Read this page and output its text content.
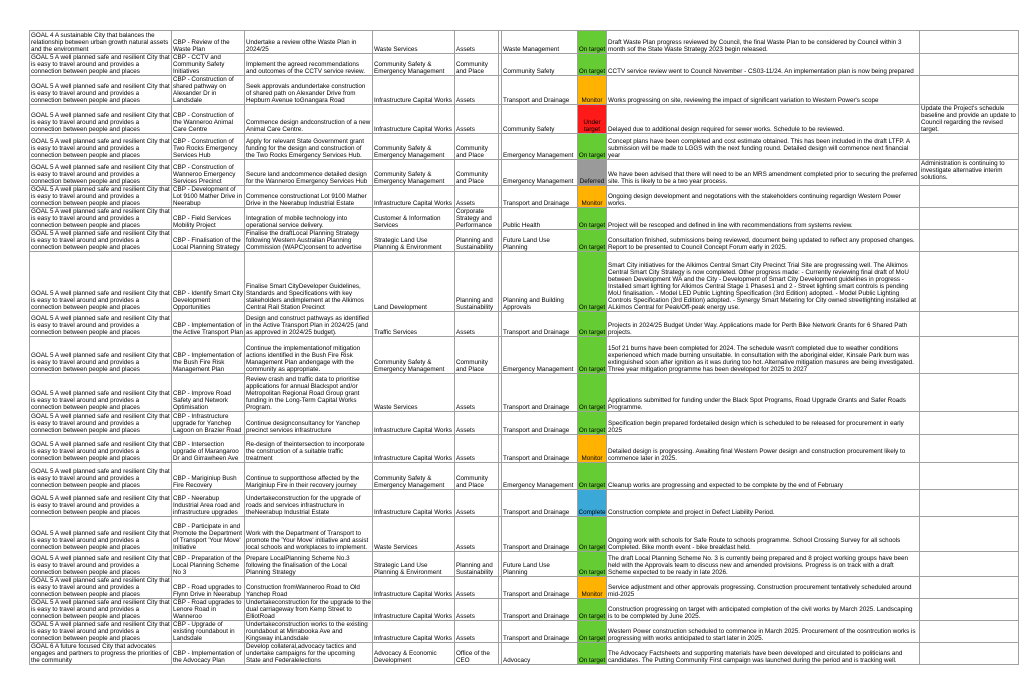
GOAL 4 A sustainable City that balances the relationship between urban growth natural assets and the environment	CBP - Review of the Waste Plan	Undertake a review ofthe Waste Plan in 2024/25	Waste Services	Assets		Waste Management	On target	Draft Waste Plan progress reviewed by Council, the final Waste Plan to be considered by Council within 3 month sof the State Waste Strategy 2023 begin released.	
GOAL 5 A well planned safe and resilient City that is easy to travel around and provides a connection between people and places	CBP - CCTV and Community Safety Initiatives	Implement the agreed recommendations and outcomes of the CCTV service review.	Community Safety & Emergency Management	Community and Place		Community Safety	On target	CCTV service review went to Council November - CS03-11/24. An implementation plan is now being prepared	
GOAL 5 A well planned safe and resilient City that is easy to travel around and provides a connection between people and places	CBP - Construction of shared pathway on Alexander Dr in Landsdale	Seek approvals andundertake construction of shared path on Alexander Drive from Hepburn Avenue toGnangara Road	Infrastructure Capital Works	Assets		Transport and Drainage	Monitor	Works progressing on site, reviewing the impact of significant variation to Western Power's scope	
GOAL 5 A well planned safe and resilient City that is easy to travel around and provides a connection between people and places	CBP - Construction of the Wanneroo Animal Care Centre	Commence design andconstruction of a new Animal Care Centre.	Infrastructure Capital Works	Assets		Community Safety	Under target	Delayed due to additional design required for sewer works. Schedule to be reviewed.	Update the Project's schedule baseline and provide an update to Council regarding the revised target.
GOAL 5 A well planned safe and resilient City that is easy to travel around and provides a connection between people and places	CBP - Construction of Two Rocks Emergency Services Hub	Apply for relevant State Government grant funding for the design and construction of the Two Rocks Emergency Services Hub.	Community Safety & Emergency Management	Community and Place		Emergency Management	On target	Concept plans have been completed and cost estimate obtained. This has been included in the draft LTFP. A submission will be made to LGGS with the next funding round. Detailed design will commence next financial year	
GOAL 5 A well planned safe and resilient City that is easy to travel around and provides a connection between people and places	CBP - Construction of Wanneroo Emergency Services Precinct	Secure land andcommence detailed design for the Wanneroo Emergency Services Hub	Community Safety & Emergency Management	Community and Place		Emergency Management	Deferred	We have been advised that there will need to be an MRS amendment completed prior to securing the preferred site. This is likely to be a two year process.	Administration is continuing to investigate alternative interim solutions.
GOAL 5 A well planned safe and resilient City that is easy to travel around and provides a connection between people and places	CBP - Development of Lot 9100 Mather Drive in Neerabup	Commence constructionat Lot 9100 Mather Drive in the Neerabup Industrial Estate	Infrastructure Capital Works	Assets		Transport and Drainage	Monitor	Ongoing design development and negotations with the stakeholders continuing regardign Western Power works.	
GOAL 5 A well planned safe and resilient City that is easy to travel around and provides a connection between people and places	CBP - Field Services Mobility Project	Integration of mobile technology into operational service delivery.	Customer & Information Services	Corporate Strategy and Performance		Public Health	On target	Project will be rescoped and defined in line with recommendations from systems review.	
GOAL 5 A well planned safe and resilient City that is easy to travel around and provides a connection between people and places	CBP - Finalisation of the Local Planning Strategy	Finalise the draftLocal Planning Strategy following Western Australian Planning Commission (WAPC)consent to advertise	Strategic Land Use Planning & Environment	Planning and Sustainability		Future Land Use Planning	On target	Consultation finished, submissions being reviewed, document being updated to reflect any proposed changes. Report to be presented to Council Concept Forum early in 2025.	
GOAL 5 A well planned safe and resilient City that is easy to travel around and provides a connection between people and places	CBP - Identify Smart City Development Opportunities	Finalise Smart CityDeveloper Guidelines, Standards and Specifications with key stakeholders andimplement at the Alkimos Central Rail Station Precinct	Land Development	Planning and Sustainability		Planning and Building Approvals	On target	Smart City initiatives for the Alkimos Central Smart City Precinct Trial Site are progressing well. The Alkimos Central Smart City Strategy is now completed. Other progress made: - Currently reviewing final draft of MoU between Development WA and the City - Development of Smart City Development guidelines in progress - Installed smart lighting for Alkimos Central Stage 1 Phases1 and 2 - Street lighting smart controls is pending MoU finalisation. - Model LED Public Lighting Specification (3rd Edition) adopted. - Model Public Lighting Controls Specification (3rd Edition) adopted. - Synergy Smart Metering for City owned streetlighting installed at ALkimos Central for Peak/Off-peak energy use.	
GOAL 5 A well planned safe and resilient City that is easy to travel around and provides a connection between people and places	CBP - Implementation of the Active Transport Plan	Design and construct pathways as identified in the Active Transport Plan in 2024/25 (and as approved in 2024/25 budget).	Traffic Services	Assets		Transport and Drainage	On target	Projects in 2024/25 Budget Under Way. Applications made for Perth Bike Network Grants for 6 Shared Path projects.	
GOAL 5 A well planned safe and resilient City that is easy to travel around and provides a connection between people and places	CBP - Implementation of the Bush Fire Risk Management Plan	Continue the implementationof mitigation actions identified in the Bush Fire Risk Management Plan andengage with the community as appropriate.	Community Safety & Emergency Management	Community and Place		Emergency Management	On target	15of 21 burns have been completed for 2024. The schedule wasn't completed due to weather conditions experienced which made burning unsuitable. In consultation with the aboriginal elder, Kinsale Park burn was extinguished soon after ignition as it was during too hot. Alternative mitigation masures are being investigated. Three year mitigation programme has been developed for 2025 to 2027	
GOAL 5 A well planned safe and resilient City that is easy to travel around and provides a connection between people and places	CBP - Improve Road Safety and Network Optimisation	Review crash and traffic data to prioritise applications for annual Blackspot and/or Metropolitan Regional Road Group grant funding in the Long-Term Capital Works Program.	Waste Services	Assets		Transport and Drainage	On target	Applications submitted for funding under the Black Spot Programs, Road Upgrade Grants and Safer Roads Programme.	
GOAL 5 A well planned safe and resilient City that is easy to travel around and provides a connection between people and places	CBP - Infrastructure upgrade for Yanchep Lagoon on Brazier Road	Continue designconsultancy for Yanchep precinct services infrastructure	Infrastructure Capital Works	Assets		Transport and Drainage	On target	Specification begin prepared fordetailed design which is scheduled to be released for procurement in early 2025	
GOAL 5 A well planned safe and resilient City that is easy to travel around and provides a connection between people and places	CBP - Intersection upgrade of Marangaroo Dr and Girrawheen Ave	Re-design of theintersection to incorporate the construction of a suitable traffic treatment	Infrastructure Capital Works	Assets		Transport and Drainage	Monitor	Detailed design is progressing. Awaiting final Western Power design and construction procurement likely to commence later in 2025.	
GOAL 5 A well planned safe and resilient City that is easy to travel around and provides a connection between people and places	CBP - Mariginiup Bush Fire Recovery	Continue to supportthose affected by the Mariginiup Fire in their recovery journey	Community Safety & Emergency Management	Community and Place		Emergency Management	On target	Cleanup works are progressing and expected to be complete by the end of February	
GOAL 5 A well planned safe and resilient City that is easy to travel around and provides a connection between people and places	CBP - Neerabup Industrial Area road and infrastructure upgrades	Undertakeconstruction for the upgrade of roads and services infrastructure in theNeerabup Industrial Estate	Infrastructure Capital Works	Assets		Transport and Drainage	Complete	Construction complete and project in Defect Liability Period.	
GOAL 5 A well planned safe and resilient City that is easy to travel around and provides a connection between people and places	CBP - Participate in and Promote the Department of Transport 'Your Move' Initiative	Work with the Department of Transport to promote the 'Your Move' initiative and assist local schools and workplaces to implement.	Waste Services	Assets		Transport and Drainage	On target	Ongoing work with schools for Safe Route to schools programme. School Crossing Survey for all schools Completed. Bike month event - bike breakfast held.	
GOAL 5 A well planned safe and resilient City that is easy to travel around and provides a connection between people and places	CBP - Preparation of the Local Planning Scheme No 3	Prepare LocalPlanning Scheme No.3 following the finalisation of the Local Planning Strategy	Strategic Land Use Planning & Environment	Planning and Sustainability		Future Land Use Planning	On target	The draft Local Planning Scheme No. 3 is currently being prepared and 8 project working groups have been held with the Approvals team to discuss new and amended provisions. Progress is on track with a draft Scheme expected to be ready in late 2026.	
GOAL 5 A well planned safe and resilient City that is easy to travel around and provides a connection between people and places	CBP - Road upgrades to Flynn Drive in Neerabup	Construction fromWanneroo Road to Old Yanchep Road	Infrastructure Capital Works	Assets		Transport and Drainage	Monitor	Service adjustment and other approvals progressing. Construction procurement tentatively scheduled around mid-2025	
GOAL 5 A well planned safe and resilient City that is easy to travel around and provides a connection between people and places	CBP - Road upgrades to Lenore Road in Wanneroo	Undertakeconstruction for the upgrade to the dual carriageway from Kemp Street to ElliotRoad	Infrastructure Capital Works	Assets		Transport and Drainage	On target	Construction progressing on target with anticipated completion of the civil works by March 2025. Landscaping is to be completed by June 2025.	
GOAL 5 A well planned safe and resilient City that is easy to travel around and provides a connection between people and places	CBP - Upgrade of existing roundabout in Landsdale	Undertakeconstruction works to the existing roundabout at Mirrabooka Ave and Kingsway inLandsdale	Infrastructure Capital Works	Assets		Transport and Drainage	On target	Western Power construction scheduled to commence in March 2025. Procurement of the cosntrcution works is progressing with works anticipated to start later in 2025.	
GOAL 6 A future focused City that advocates engages and partners to progress the priorities of the community	CBP - Implementation of the Advocacy Plan	Develop collateral,advocacy tactics and undertake campaigns for the upcoming State and Federalelections	Advocacy & Economic Development	Office of the CEO		Advocacy	On target	The Advocacy Factsheets and supporting materials have been developed and circulated to politicians and candidates. The Putting Community First campaign was launched during the period and is tracking well.	
